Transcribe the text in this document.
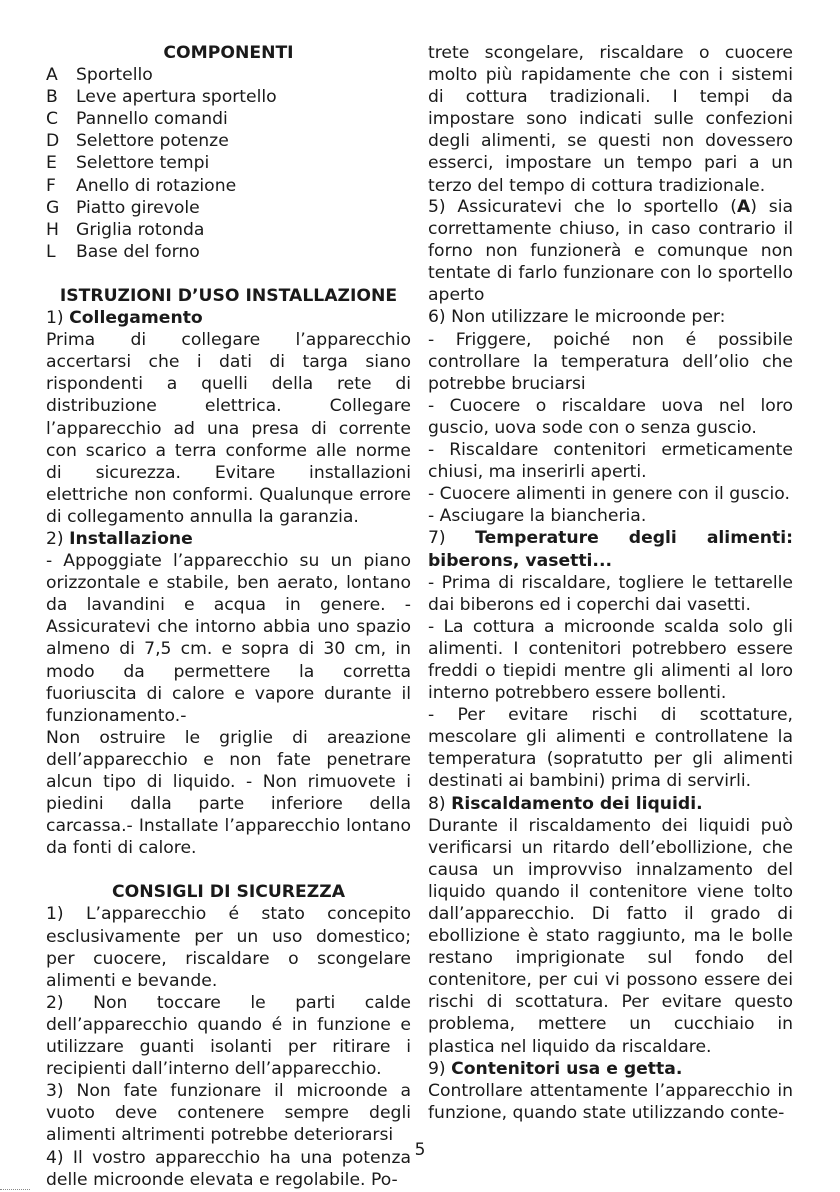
COMPONENTI

A	Sportello
B	Leve apertura sportello
C	Pannello comandi
D Selettore potenze
E	Selettore tempi
F	Anello di rotazione
G Piatto girevole
H Griglia rotonda
L	Base del forno

ISTRUZIONI D’USO INSTALLAZIONE

1) Collegamento

Prima di collegare l’apparecchio accertarsi che i dati di targa siano rispondenti a quelli della rete di distribuzione elettrica. Collegare l’apparecchio ad una presa di corrente con scarico a terra conforme alle norme di sicurezza. Evitare installazioni elettriche non conformi. Qualunque errore di collegamento annulla la garanzia.

2) Installazione

- Appoggiate l’apparecchio su un piano orizzontale e stabile, ben aerato, lontano da lavandini e acqua in genere. - Assicuratevi che intorno abbia uno spazio almeno di 7,5 cm. e sopra di 30 cm, in modo da permettere la corretta fuoriuscita di calore e vapore durante il funzionamento.-

Non ostruire le griglie di areazione dell’apparecchio e non fate penetrare alcun tipo di liquido. - Non rimuovete i piedini dalla parte inferiore della carcassa.- Installate l’apparecchio lontano da fonti di calore.

CONSIGLI DI SICUREZZA

1) L’apparecchio é stato concepito esclusivamente per un uso domestico; per cuocere, riscaldare o scongelare alimenti e bevande.

2) Non toccare le parti calde dell’apparecchio quando é in funzione e utilizzare guanti isolanti per ritirare i recipienti dall’interno dell’apparecchio.

3) Non fate funzionare il microonde a vuoto deve contenere sempre degli alimenti altrimenti potrebbe deteriorarsi

4) Il vostro apparecchio ha una potenza delle microonde elevata e regolabile. Po-

trete scongelare, riscaldare o cuocere molto più rapidamente che con i sistemi di cottura tradizionali. I tempi da impostare sono indicati sulle confezioni degli alimenti, se questi non dovessero esserci, impostare un tempo pari a un terzo del tempo di cottura tradizionale.

5) Assicuratevi che lo sportello (A) sia correttamente chiuso, in caso contrario il forno non funzionerà e comunque non tentate di farlo funzionare con lo sportello aperto

6) Non utilizzare le microonde per:

- Friggere, poiché non é possibile controllare la temperatura dell’olio che potrebbe bruciarsi

- Cuocere o riscaldare uova nel loro guscio, uova sode con o senza guscio.

- Riscaldare contenitori ermeticamente chiusi, ma inserirli aperti.

- Cuocere alimenti in genere con il guscio.

- Asciugare la biancheria.

7) Temperature degli alimenti: biberons, vasetti...

- Prima di riscaldare, togliere le tettarelle dai biberons ed i coperchi dai vasetti.

- La cottura a microonde scalda solo gli alimenti. I contenitori potrebbero essere freddi o tiepidi mentre gli alimenti al loro interno potrebbero essere bollenti.

- Per evitare rischi di scottature, mescolare gli alimenti e controllatene la temperatura (sopratutto per gli alimenti destinati ai bambini) prima di servirli.

8) Riscaldamento dei liquidi.

Durante il riscaldamento dei liquidi può verificarsi un ritardo dell’ebollizione, che causa un improvviso innalzamento del liquido quando il contenitore viene tolto dall’apparecchio. Di fatto il grado di ebollizione è stato raggiunto, ma le bolle restano imprigionate sul fondo del contenitore, per cui vi possono essere dei rischi di scottatura. Per evitare questo problema, mettere un cucchiaio in plastica nel liquido da riscaldare.

9) Contenitori usa e getta.

Controllare attentamente l’apparecchio in funzione, quando state utilizzando conte-

5
